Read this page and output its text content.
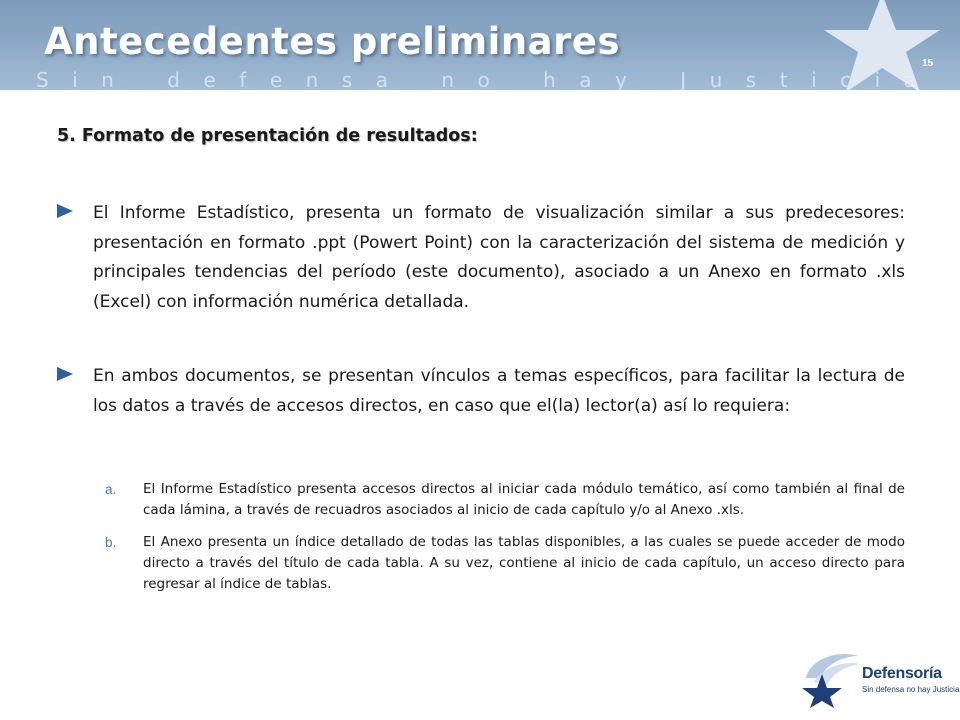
Antecedentes preliminares
Sin defensa no hay Justicia
15
5. Formato de presentación de resultados:
El Informe Estadístico, presenta un formato de visualización similar a sus predecesores: presentación en formato .ppt (Powert Point) con la caracterización del sistema de medición y principales tendencias del período (este documento), asociado a un Anexo en formato .xls (Excel) con información numérica detallada.
En ambos documentos, se presentan vínculos a temas específicos, para facilitar la lectura de los datos a través de accesos directos, en caso que el(la) lector(a) así lo requiera:
a. El Informe Estadístico presenta accesos directos al iniciar cada módulo temático, así como también al final de cada lámina, a través de recuadros asociados al inicio de cada capítulo y/o al Anexo .xls.
b. El Anexo presenta un índice detallado de todas las tablas disponibles, a las cuales se puede acceder de modo directo a través del título de cada tabla. A su vez, contiene al inicio de cada capítulo, un acceso directo para regresar al índice de tablas.
Defensoría
Sin defensa no hay Justicia
